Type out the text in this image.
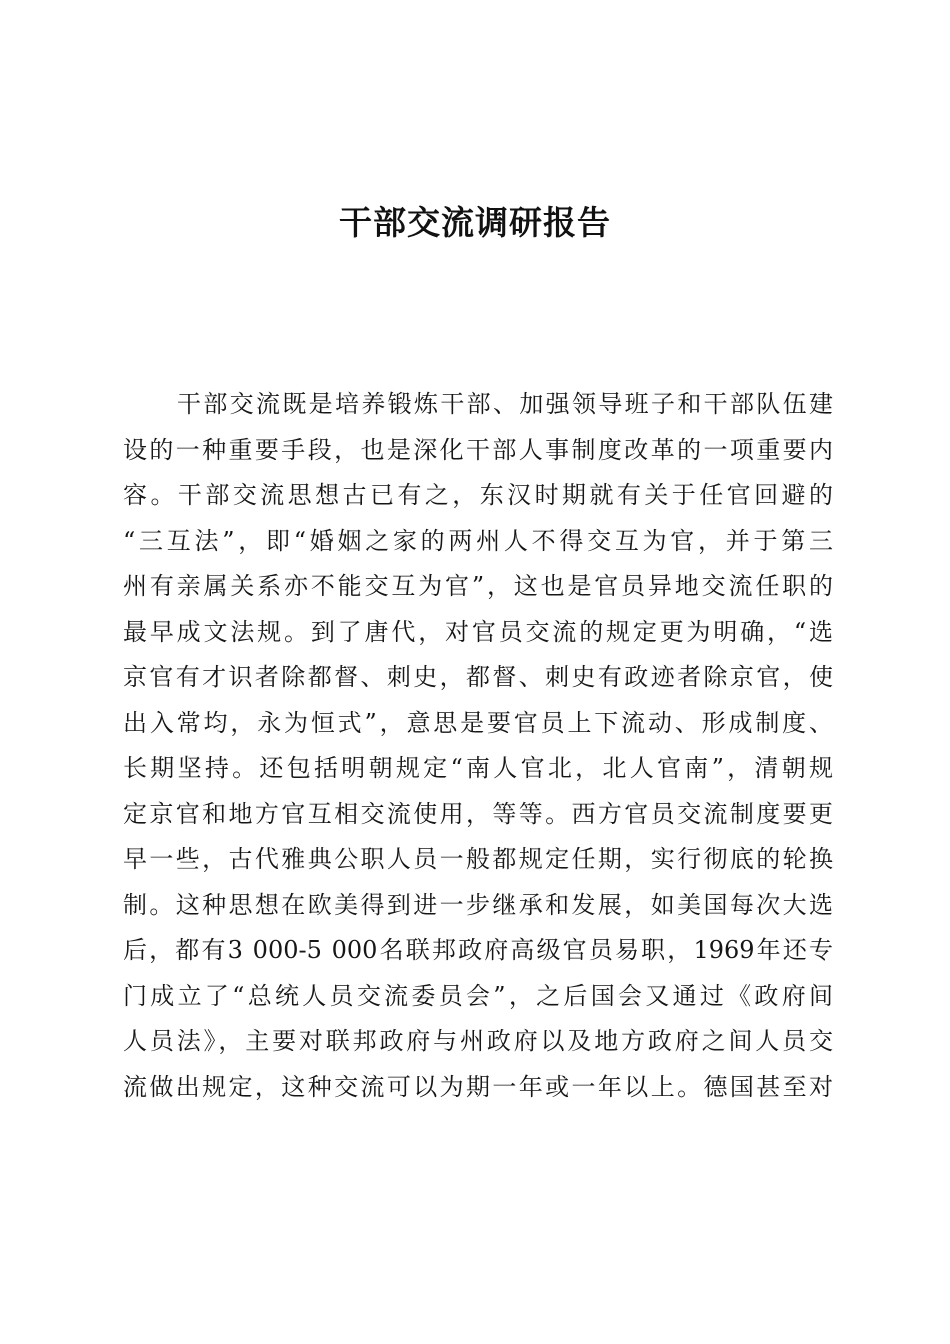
干部交流调研报告
干部交流既是培养锻炼干部、加强领导班子和干部队伍建
设的一种重要手段，也是深化干部人事制度改革的一项重要内
容。干部交流思想古已有之，东汉时期就有关于任官回避的
“三互法”，即“婚姻之家的两州人不得交互为官，并于第三
州有亲属关系亦不能交互为官”，这也是官员异地交流任职的
最早成文法规。到了唐代，对官员交流的规定更为明确，“选
京官有才识者除都督、刺史，都督、刺史有政迹者除京官，使
出入常均，永为恒式”，意思是要官员上下流动、形成制度、
长期坚持。还包括明朝规定“南人官北，北人官南”，清朝规
定京官和地方官互相交流使用，等等。西方官员交流制度要更
早一些，古代雅典公职人员一般都规定任期，实行彻底的轮换
制。这种思想在欧美得到进一步继承和发展，如美国每次大选
后，都有3 000-5 000名联邦政府高级官员易职，1969年还专
门成立了“总统人员交流委员会”，之后国会又通过《政府间
人员法》，主要对联邦政府与州政府以及地方政府之间人员交
流做出规定，这种交流可以为期一年或一年以上。德国甚至对
